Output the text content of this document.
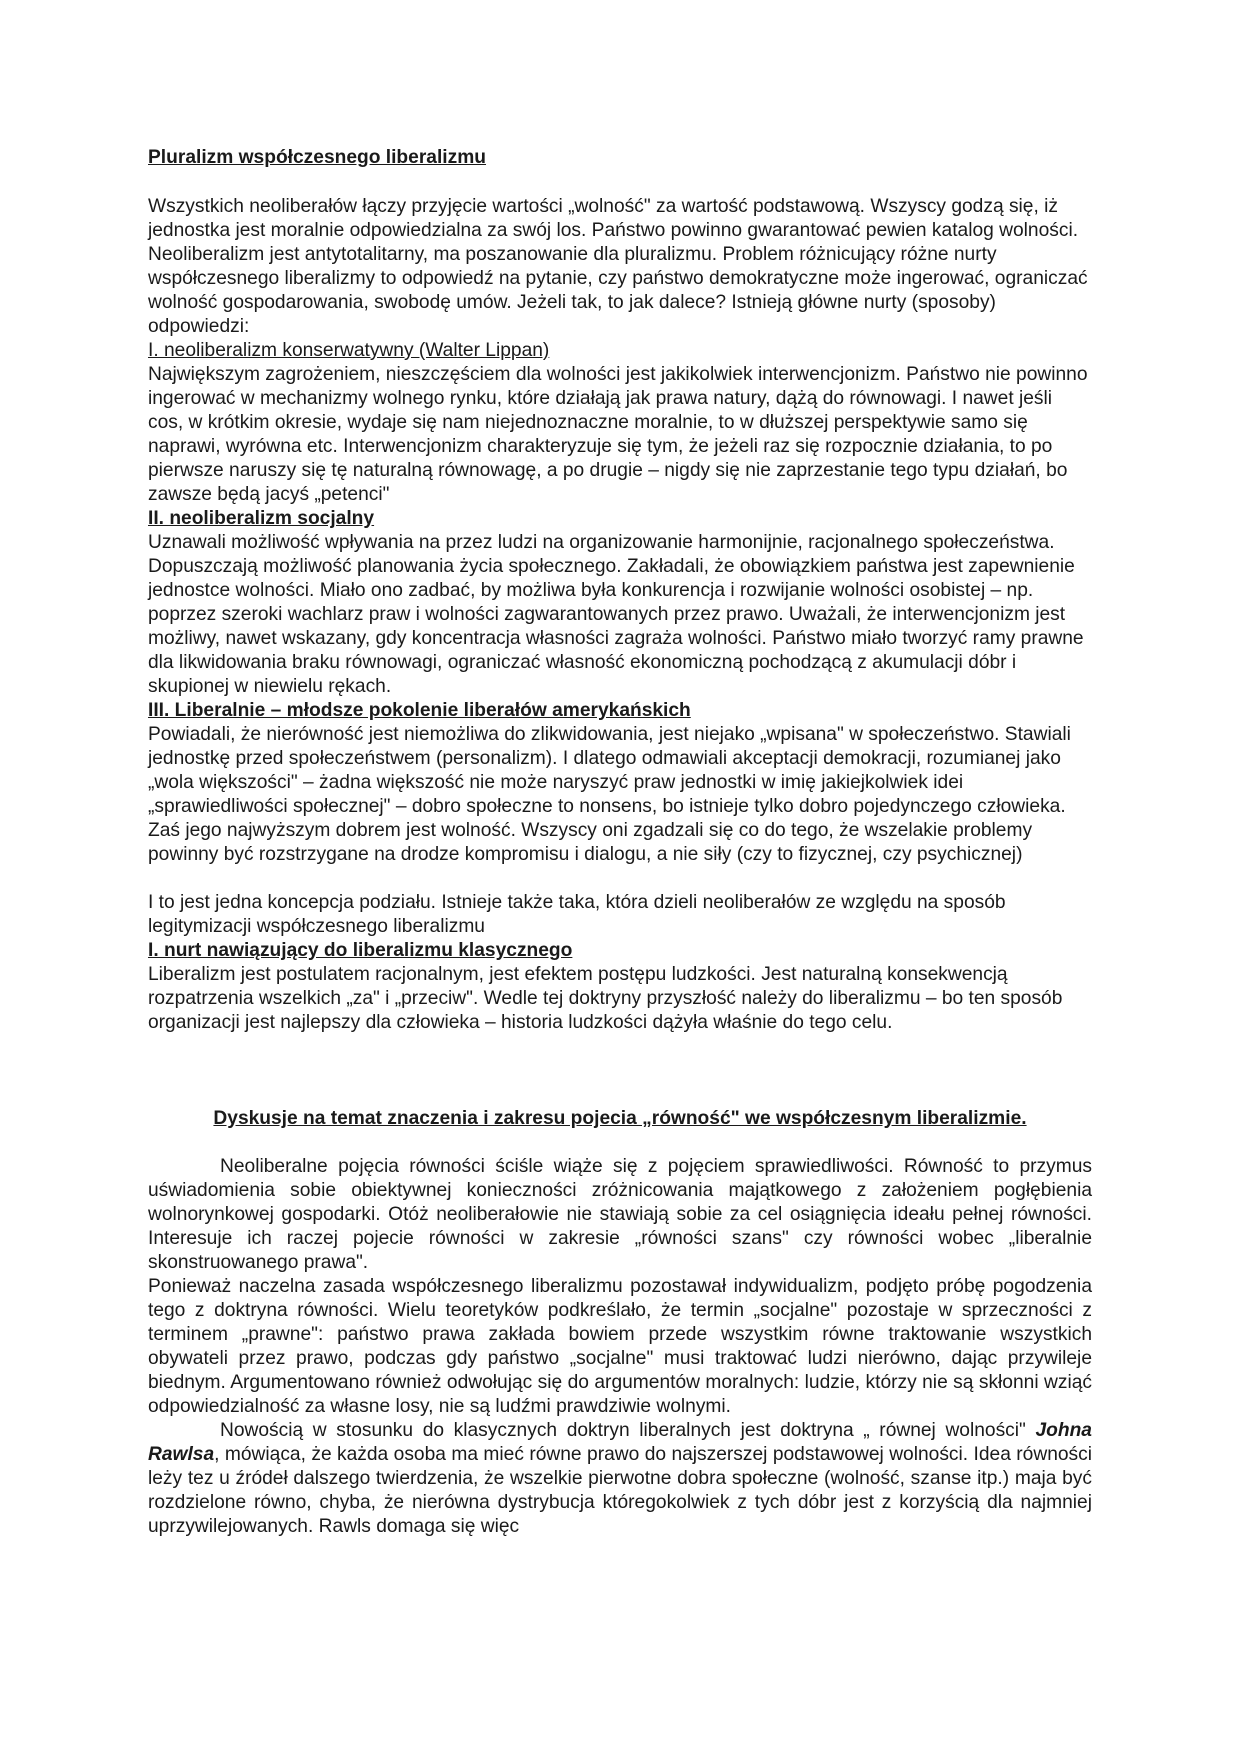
Pluralizm współczesnego liberalizmu

Wszystkich neoliberałów łączy przyjęcie wartości „wolność" za wartość podstawową. Wszyscy godzą się, iż jednostka jest moralnie odpowiedzialna za swój los. Państwo powinno gwarantować pewien katalog wolności. Neoliberalizm jest antytotalitarny, ma poszanowanie dla pluralizmu. Problem różnicujący różne nurty współczesnego liberalizmy to odpowiedź na pytanie, czy państwo demokratyczne może ingerować, ograniczać wolność gospodarowania, swobodę umów. Jeżeli tak, to jak dalece? Istnieją główne nurty (sposoby) odpowiedzi:

I. neoliberalizm konserwatywny (Walter Lippan)

Największym zagrożeniem, nieszczęściem dla wolności jest jakikolwiek interwencjonizm. Państwo nie powinno ingerować w mechanizmy wolnego rynku, które działają jak prawa natury, dążą do równowagi. I nawet jeśli cos, w krótkim okresie, wydaje się nam niejednoznaczne moralnie, to w dłuższej perspektywie samo się naprawi, wyrówna etc. Interwencjonizm charakteryzuje się tym, że jeżeli raz się rozpocznie działania, to po pierwsze naruszy się tę naturalną równowagę, a po drugie – nigdy się nie zaprzestanie tego typu działań, bo zawsze będą jacyś „petenci"

II. neoliberalizm socjalny

Uznawali możliwość wpływania na przez ludzi na organizowanie harmonijnie, racjonalnego społeczeństwa. Dopuszczają możliwość planowania życia społecznego. Zakładali, że obowiązkiem państwa jest zapewnienie jednostce wolności. Miało ono zadbać, by możliwa była konkurencja i rozwijanie wolności osobistej – np. poprzez szeroki wachlarz praw i wolności zagwarantowanych przez prawo. Uważali, że interwencjonizm jest możliwy, nawet wskazany, gdy koncentracja własności zagraża wolności. Państwo miało tworzyć ramy prawne dla likwidowania braku równowagi, ograniczać własność ekonomiczną pochodzącą z akumulacji dóbr i skupionej w niewielu rękach.

III. Liberalnie – młodsze pokolenie liberałów amerykańskich

Powiadali, że nierówność jest niemożliwa do zlikwidowania, jest niejako „wpisana" w społeczeństwo. Stawiali jednostkę przed społeczeństwem (personalizm). I dlatego odmawiali akceptacji demokracji, rozumianej jako „wola większości" – żadna większość nie może naryszyć praw jednostki w imię jakiejkolwiek idei „sprawiedliwości społecznej" – dobro społeczne to nonsens, bo istnieje tylko dobro pojedynczego człowieka. Zaś jego najwyższym dobrem jest wolność. Wszyscy oni zgadzali się co do tego, że wszelakie problemy powinny być rozstrzygane na drodze kompromisu i dialogu, a nie siły (czy to fizycznej, czy psychicznej)

I to jest jedna koncepcja podziału. Istnieje także taka, która dzieli neoliberałów ze względu na sposób legitymizacji współczesnego liberalizmu

I. nurt nawiązujący do liberalizmu klasycznego

Liberalizm jest postulatem racjonalnym, jest efektem postępu ludzkości. Jest naturalną konsekwencją rozpatrzenia wszelkich „za" i „przeciw". Wedle tej doktryny przyszłość należy do liberalizmu – bo ten sposób organizacji jest najlepszy dla człowieka – historia ludzkości dążyła właśnie do tego celu.

Dyskusje na temat znaczenia i zakresu pojecia „równość" we współczesnym liberalizmie.

Neoliberalne pojęcia równości ściśle wiąże się z pojęciem sprawiedliwości. Równość to przymus uświadomienia sobie obiektywnej konieczności zróżnicowania majątkowego z założeniem pogłębienia wolnorynkowej gospodarki. Otóż neoliberałowie nie stawiają sobie za cel osiągnięcia ideału pełnej równości. Interesuje ich raczej pojecie równości w zakresie „równości szans" czy równości wobec „liberalnie skonstruowanego prawa".

Ponieważ naczelna zasada współczesnego liberalizmu pozostawał indywidualizm, podjęto próbę pogodzenia tego z doktryna równości. Wielu teoretyków podkreślało, że termin „socjalne" pozostaje w sprzeczności z terminem „prawne": państwo prawa zakłada bowiem przede wszystkim równe traktowanie wszystkich obywateli przez prawo, podczas gdy państwo „socjalne" musi traktować ludzi nierówno, dając przywileje biednym. Argumentowano również odwołując się do argumentów moralnych: ludzie, którzy nie są skłonni wziąć odpowiedzialność za własne losy, nie są ludźmi prawdziwie wolnymi.

Nowością w stosunku do klasycznych doktryn liberalnych jest doktryna „ równej wolności" Johna Rawlsa, mówiąca, że każda osoba ma mieć równe prawo do najszerszej podstawowej wolności. Idea równości leży tez u źródeł dalszego twierdzenia, że wszelkie pierwotne dobra społeczne (wolność, szanse itp.) maja być rozdzielone równo, chyba, że nierówna dystrybucja któregokolwiek z tych dóbr jest z korzyścią dla najmniej uprzywilejowanych. Rawls domaga się więc
